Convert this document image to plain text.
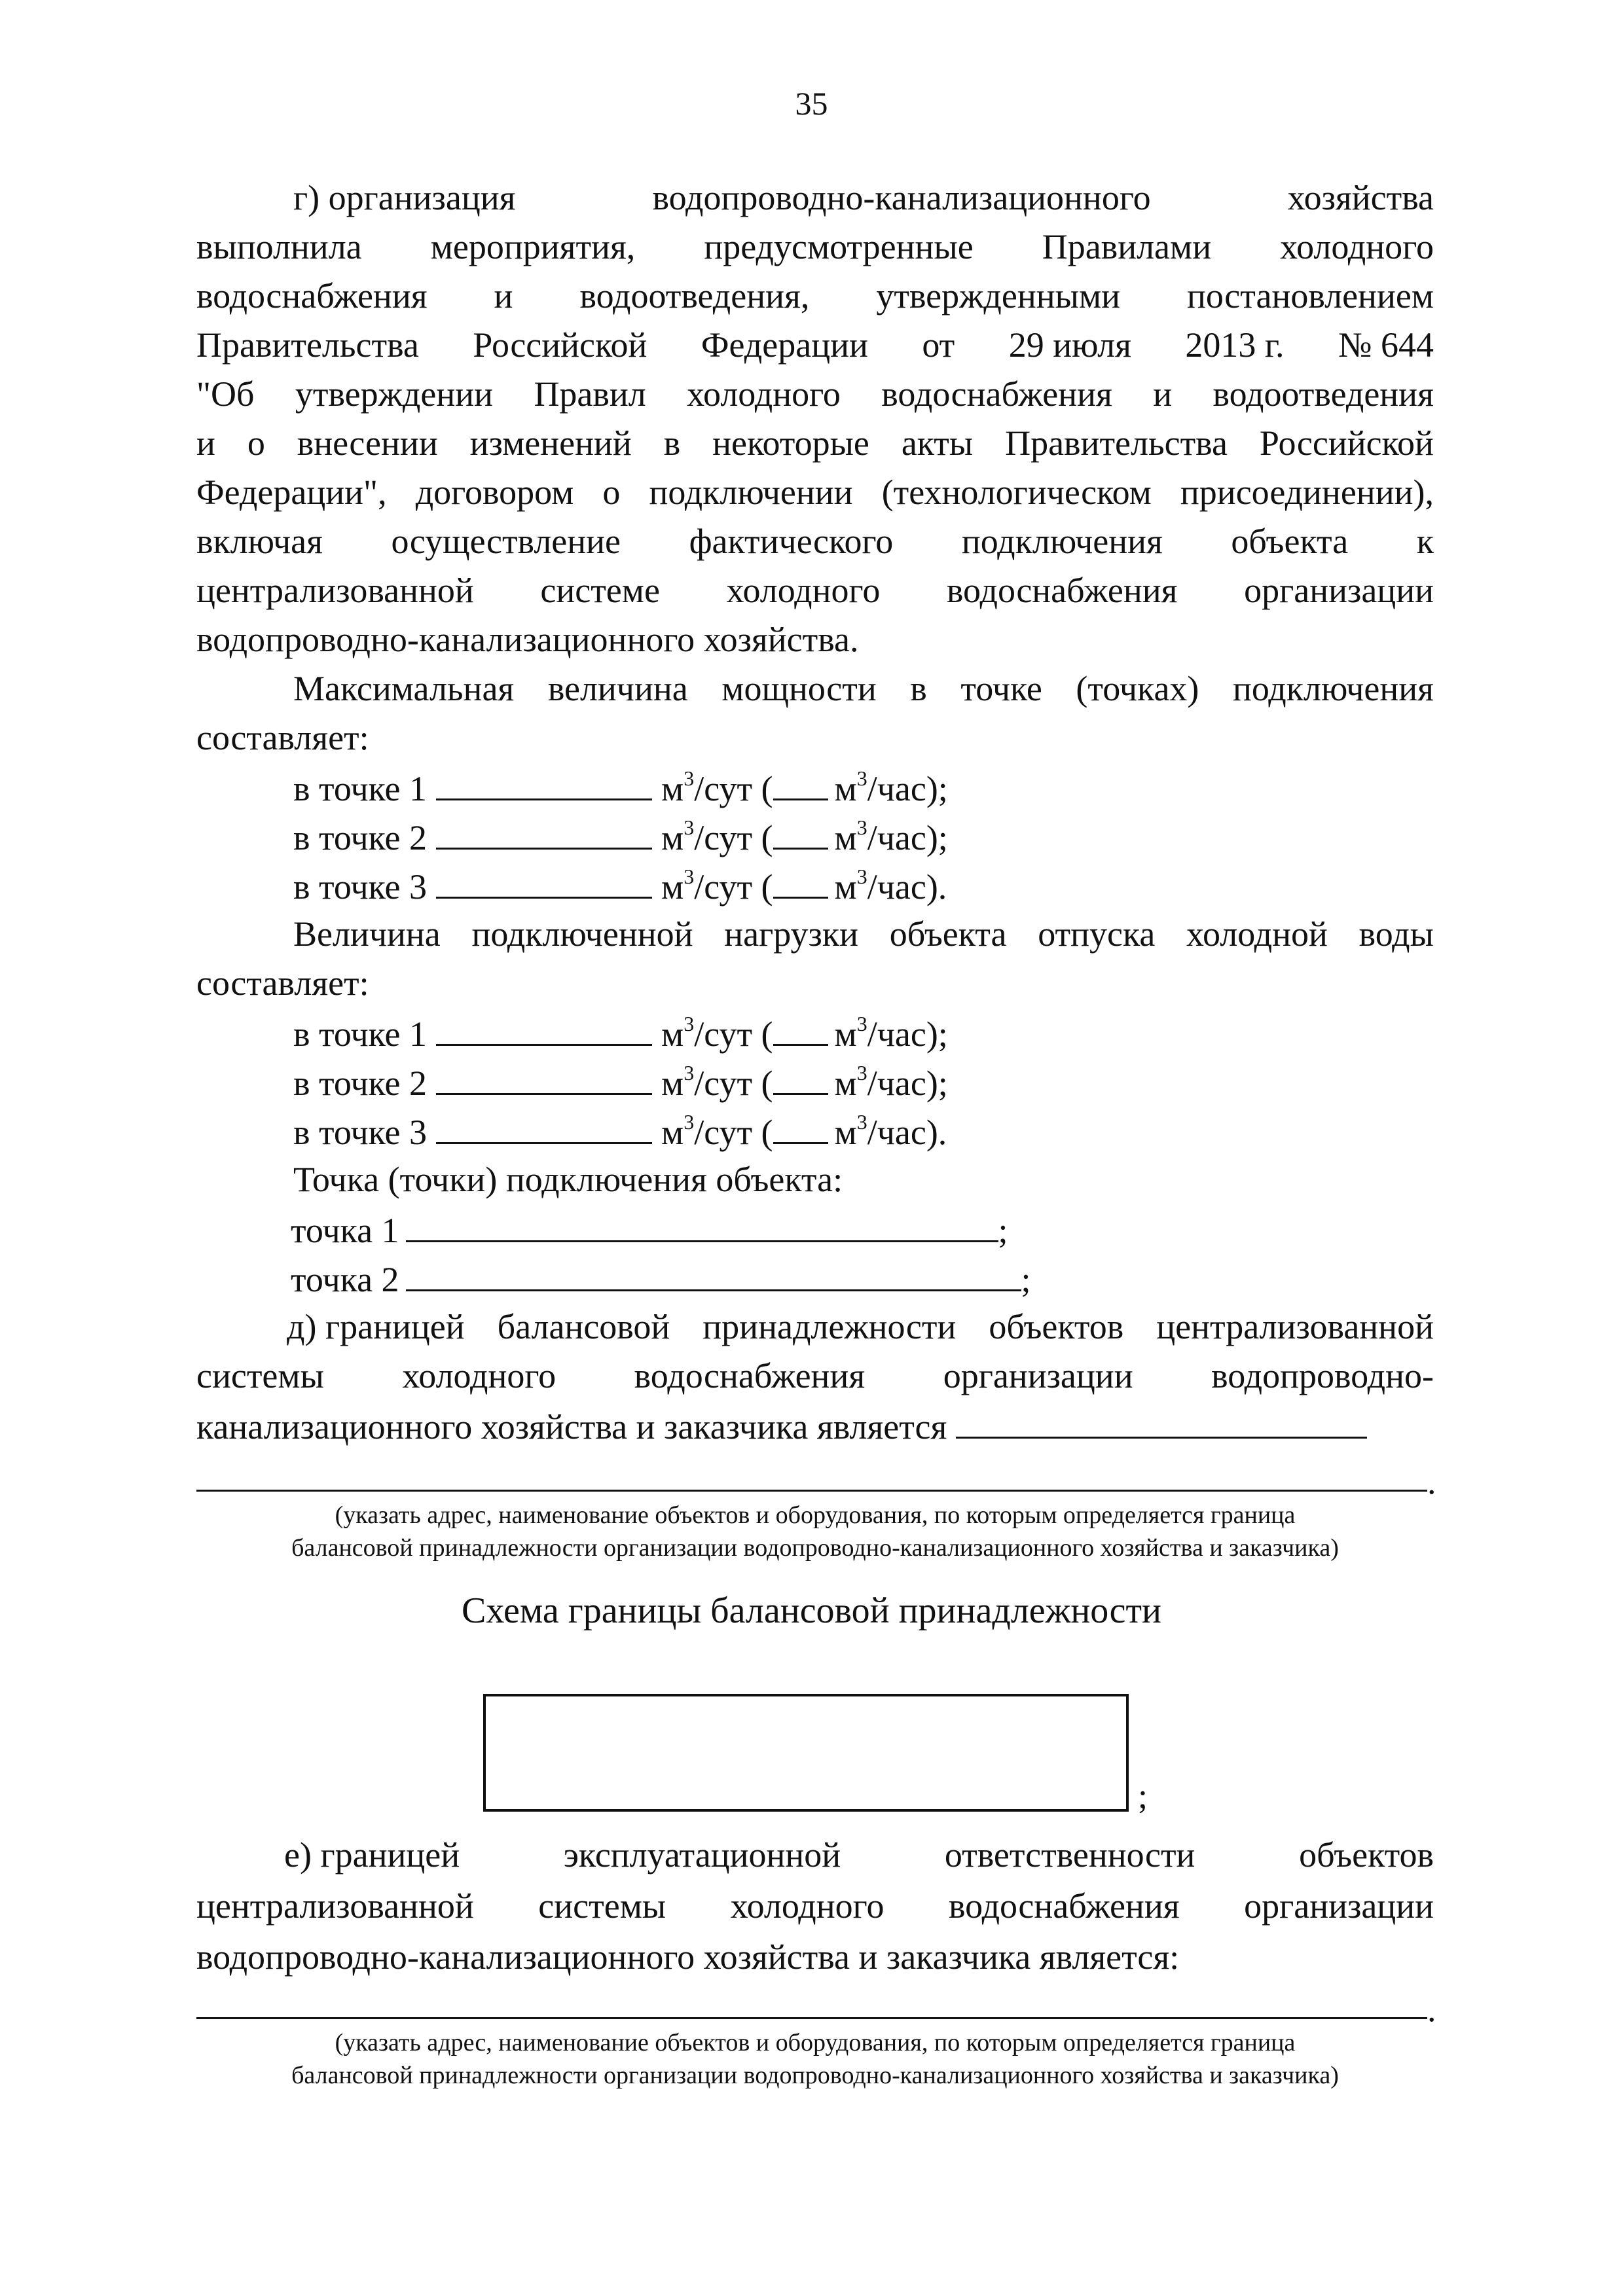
35
г) организация	водопроводно-канализационного	хозяйства
выполнила мероприятия, предусмотренные Правилами холодного
водоснабжения и водоотведения, утвержденными постановлением
Правительства Российской Федерации от 29 июля 2013 г. № 644
"Об утверждении Правил холодного водоснабжения и водоотведения
и о внесении изменений в некоторые акты Правительства Российской
Федерации", договором о подключении (технологическом присоединении),
включая осуществление фактического подключения объекта к
централизованной системе холодного водоснабжения организации
водопроводно-канализационного хозяйства.
Максимальная величина мощности в точке (точках) подключения
составляет:
в точке 1	$м^3$/сут ( $м^3/час$);
в точке 2	$м^3$/сут ( $м^3/час$);
в точке 3	$м^3$/сут ( $м^3/час$).
Величина подключенной нагрузки объекта отпуска холодной воды
составляет:
в точке 1	$м^3$/сут ( $м^3/час$);
в точке 2	$м^3$/сут ( $м^3/час$);
в точке 3	$м^3$/сут ( $м^3/час$).
Точка (точки) подключения объекта:
точка 1	;
точка 2	;
д) границей балансовой принадлежности объектов централизованной
системы холодного водоснабжения организации водопроводно-
канализационного хозяйства и заказчика является
.
(указать адрес, наименование объектов и оборудования, по которым определяется граница
балансовой принадлежности организации водопроводно-канализационного хозяйства и заказчика)
Схема границы балансовой принадлежности
;
е) границей	эксплуатационной	ответственности	объектов
централизованной системы холодного водоснабжения организации
водопроводно-канализационного хозяйства и заказчика является:
.
(указать адрес, наименование объектов и оборудования, по которым определяется граница
балансовой принадлежности организации водопроводно-канализационного хозяйства и заказчика)
